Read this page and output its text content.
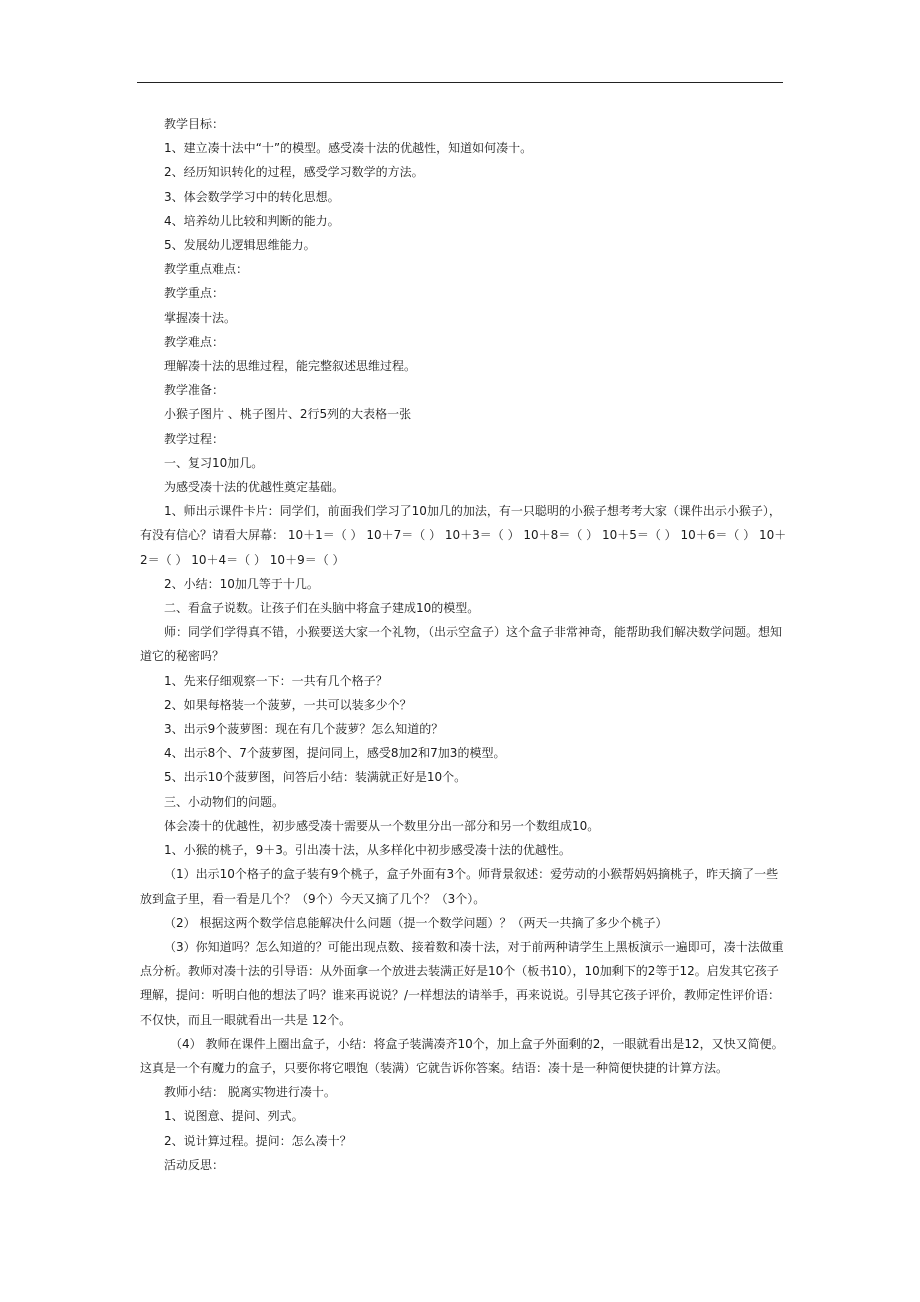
教学目标：

1、建立凑十法中“十”的模型。感受凑十法的优越性，知道如何凑十。

2、经历知识转化的过程，感受学习数学的方法。

3、体会数学学习中的转化思想。

4、培养幼儿比较和判断的能力。

5、发展幼儿逻辑思维能力。

教学重点难点：

教学重点：

掌握凑十法。

教学难点：

理解凑十法的思维过程，能完整叙述思维过程。

教学准备：

小猴子图片 、桃子图片、2行5列的大表格一张

教学过程：

一、复习10加几。

为感受凑十法的优越性奠定基础。

1、师出示课件卡片：同学们，前面我们学习了10加几的加法，有一只聪明的小猴子想考考大家（课件出示小猴子），有没有信心？请看大屏幕： 10＋1＝（ ） 10＋7＝（ ） 10＋3＝（ ） 10＋8＝（ ） 10＋5＝（ ） 10＋6＝（ ） 10＋2＝（ ） 10＋4＝（ ） 10＋9＝（ ）

2、小结：10加几等于十几。

二、看盒子说数。让孩子们在头脑中将盒子建成10的模型。

师：同学们学得真不错，小猴要送大家一个礼物，（出示空盒子）这个盒子非常神奇，能帮助我们解决数学问题。想知道它的秘密吗？

1、先来仔细观察一下：一共有几个格子？

2、如果每格装一个菠萝，一共可以装多少个？

3、出示9个菠萝图：现在有几个菠萝？怎么知道的？

4、出示8个、7个菠萝图，提问同上，感受8加2和7加3的模型。

5、出示10个菠萝图，问答后小结：装满就正好是10个。

三、小动物们的问题。

体会凑十的优越性，初步感受凑十需要从一个数里分出一部分和另一个数组成10。

1、小猴的桃子，9＋3。引出凑十法，从多样化中初步感受凑十法的优越性。

（1）出示10个格子的盒子装有9个桃子，盒子外面有3个。师背景叙述：爱劳动的小猴帮妈妈摘桃子，昨天摘了一些放到盒子里，看一看是几个？（9个）今天又摘了几个？（3个）。

（2） 根据这两个数学信息能解决什么问题（提一个数学问题）？（两天一共摘了多少个桃子）

（3）你知道吗？怎么知道的？可能出现点数、接着数和凑十法，对于前两种请学生上黑板演示一遍即可，凑十法做重点分析。教师对凑十法的引导语：从外面拿一个放进去装满正好是10个（板书10），10加剩下的2等于12。启发其它孩子理解，提问：听明白他的想法了吗？谁来再说说？/一样想法的请举手，再来说说。引导其它孩子评价，教师定性评价语：不仅快，而且一眼就看出一共是 12个。

（4） 教师在课件上圈出盒子，小结：将盒子装满凑齐10个，加上盒子外面剩的2，一眼就看出是12，又快又简便。这真是一个有魔力的盒子，只要你将它喂饱（装满）它就告诉你答案。结语：凑十是一种简便快捷的计算方法。

教师小结： 脱离实物进行凑十。

1、说图意、提问、列式。

2、说计算过程。提问：怎么凑十？

活动反思：
